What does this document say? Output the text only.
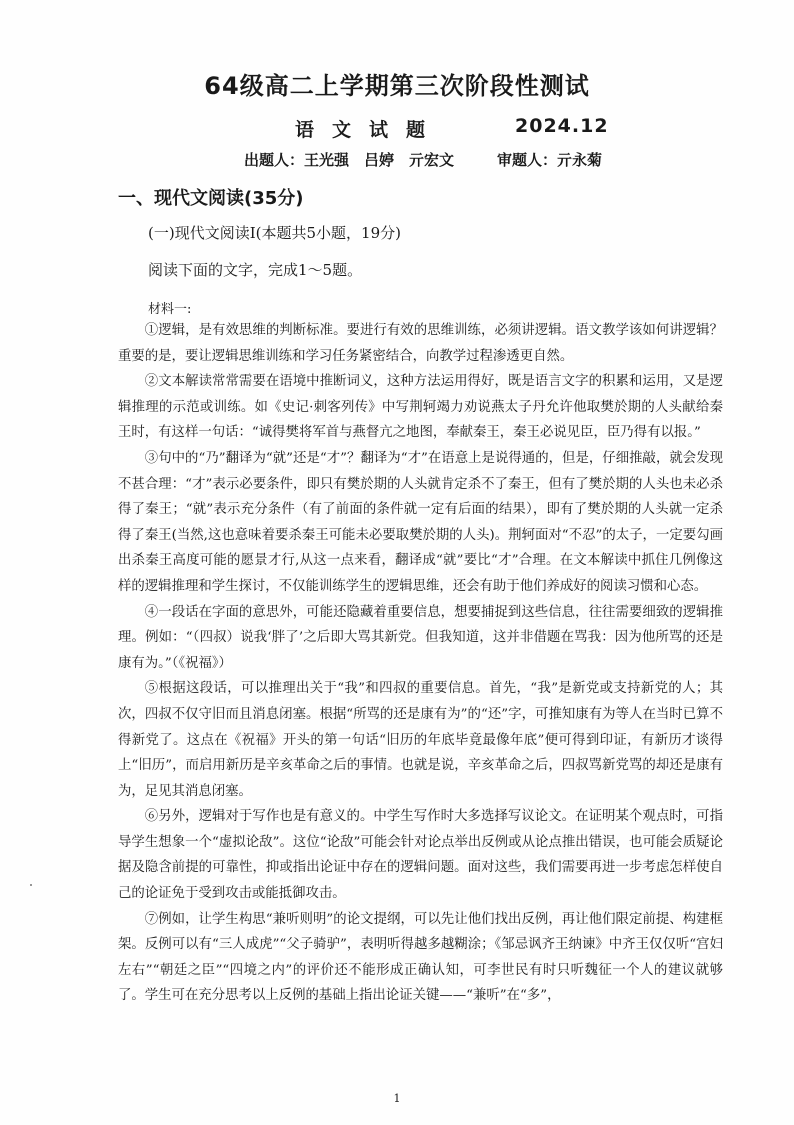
64级高二上学期第三次阶段性测试
语文试题	2024.12
出题人：王光强　吕婷　亓宏文	审题人：亓永菊
一、现代文阅读(35分)
(一)现代文阅读Ⅰ(本题共5小题，19分)
阅读下面的文字，完成1～5题。
材料一:

①逻辑，是有效思维的判断标准。要进行有效的思维训练，必须讲逻辑。语文教学该如何讲逻辑？重要的是，要让逻辑思维训练和学习任务紧密结合，向教学过程渗透更自然。

②文本解读常常需要在语境中推断词义，这种方法运用得好，既是语言文字的积累和运用，又是逻辑推理的示范或训练。如《史记·刺客列传》中写荆轲竭力劝说燕太子丹允许他取樊於期的人头献给秦王时，有这样一句话：“诚得樊将军首与燕督亢之地图，奉献秦王，秦王必说见臣，臣乃得有以报。”

③句中的“乃”翻译为“就”还是“才”？翻译为“才”在语意上是说得通的，但是，仔细推敲，就会发现不甚合理：“才”表示必要条件，即只有樊於期的人头就肯定杀不了秦王，但有了樊於期的人头也未必杀得了秦王；“就”表示充分条件（有了前面的条件就一定有后面的结果），即有了樊於期的人头就一定杀得了秦王(当然,这也意味着要杀秦王可能未必要取樊於期的人头)。荆轲面对“不忍”的太子，一定要勾画出杀秦王高度可能的愿景才行,从这一点来看，翻译成“就”要比“才”合理。在文本解读中抓住几例像这样的逻辑推理和学生探讨，不仅能训练学生的逻辑思维，还会有助于他们养成好的阅读习惯和心态。

④一段话在字面的意思外，可能还隐藏着重要信息，想要捕捉到这些信息，往往需要细致的逻辑推理。例如：“（四叔）说我‘胖了’之后即大骂其新党。但我知道，这并非借题在骂我：因为他所骂的还是康有为。”（《祝福》）

⑤根据这段话，可以推理出关于“我”和四叔的重要信息。首先，“我”是新党或支持新党的人；其次，四叔不仅守旧而且消息闭塞。根据“所骂的还是康有为”的“还”字，可推知康有为等人在当时已算不得新党了。这点在《祝福》开头的第一句话“旧历的年底毕竟最像年底”便可得到印证，有新历才谈得上“旧历”，而启用新历是辛亥革命之后的事情。也就是说，辛亥革命之后，四叔骂新党骂的却还是康有为，足见其消息闭塞。

⑥另外，逻辑对于写作也是有意义的。中学生写作时大多选择写议论文。在证明某个观点时，可指导学生想象一个“虚拟论敌”。这位“论敌”可能会针对论点举出反例或从论点推出错误，也可能会质疑论据及隐含前提的可靠性，抑或指出论证中存在的逻辑问题。面对这些，我们需要再进一步考虑怎样使自己的论证免于受到攻击或能抵御攻击。

⑦例如，让学生构思“兼听则明”的论文提纲，可以先让他们找出反例，再让他们限定前提、构建框架。反例可以有“三人成虎”“父子骑驴”，表明听得越多越糊涂；《邹忌讽齐王纳谏》中齐王仅仅听“宫妇左右”“朝廷之臣”“四境之内”的评价还不能形成正确认知，可李世民有时只听魏征一个人的建议就够了。学生可在充分思考以上反例的基础上指出论证关键——“兼听”在“多”，

1
